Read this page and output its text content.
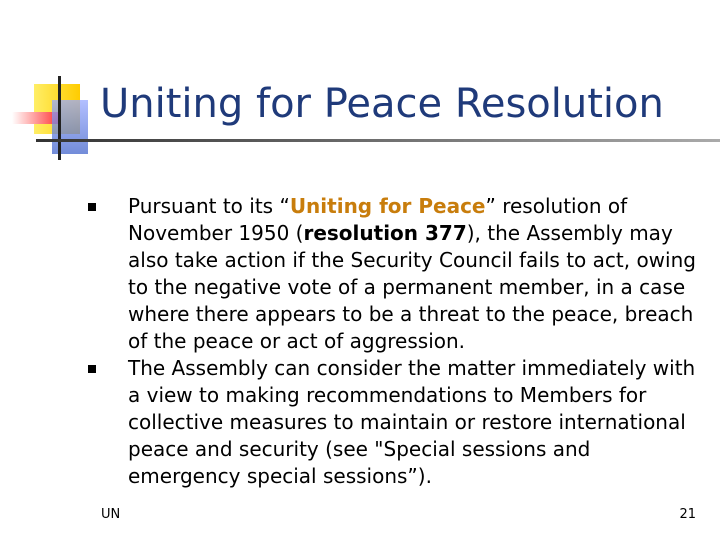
Uniting for Peace Resolution
Pursuant to its “Uniting for Peace” resolution of November 1950 (resolution 377), the Assembly may also take action if the Security Council fails to act, owing to the negative vote of a permanent member, in a case where there appears to be a threat to the peace, breach of the peace or act of aggression.
The Assembly can consider the matter immediately with a view to making recommendations to Members for collective measures to maintain or restore international peace and security (see "Special sessions and emergency special sessions”).
UN	21
